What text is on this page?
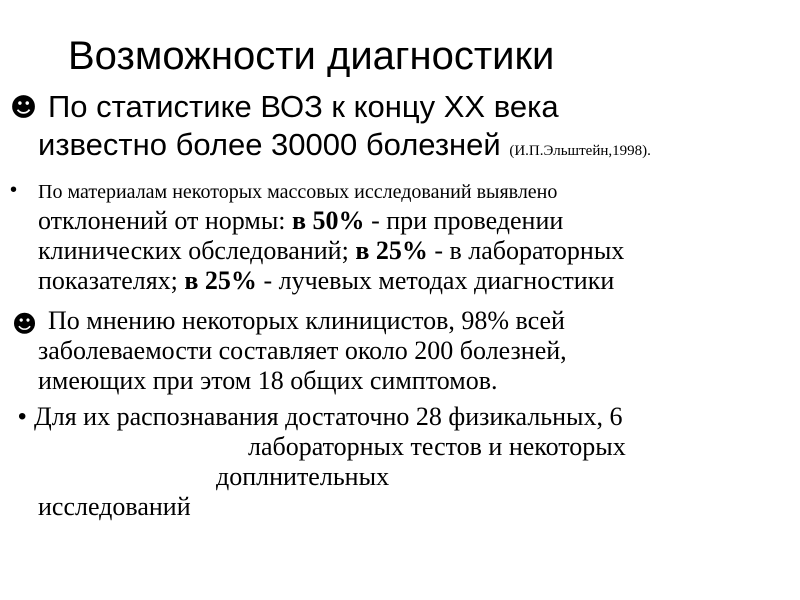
Возможности диагностики
☻ По статистике ВОЗ к концу XX века
известно более 30000 болезней (И.П.Эльштейн,1998).
• По материалам некоторых массовых исследований выявлено
отклонений от нормы: в 50% - при проведении
клинических обследований; в 25% - в лабораторных
показателях; в 25% - лучевых методах диагностики
☻ По мнению некоторых клиницистов, 98% всей
заболеваемости составляет около 200 болезней,
имеющих при этом 18 общих симптомов.
• Для их распознавания достаточно 28 физикальных, 6
лабораторных тестов и некоторых
доплнительных
исследований
